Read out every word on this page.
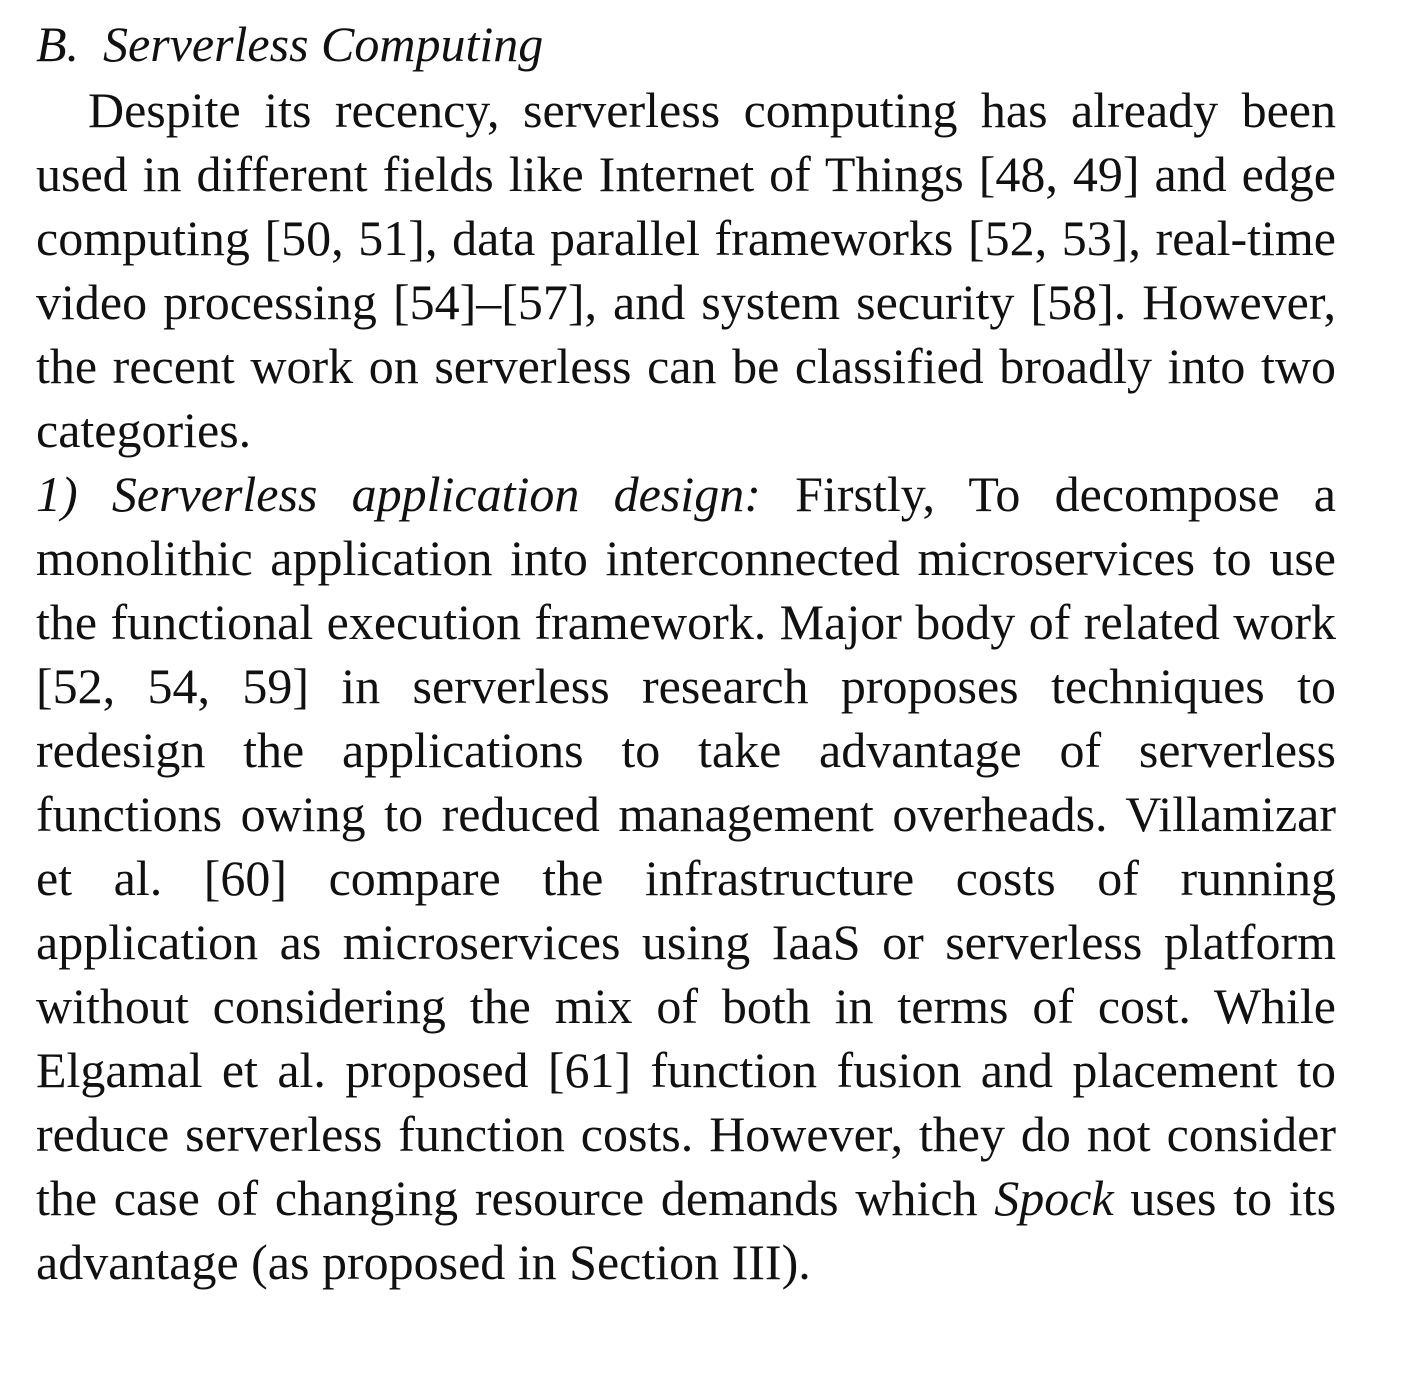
B. Serverless Computing

Despite its recency, serverless computing has already been used in different fields like Internet of Things [48, 49] and edge computing [50, 51], data parallel frameworks [52, 53], real-time video processing [54]–[57], and system security [58]. However, the recent work on serverless can be classified broadly into two categories.

1) Serverless application design: Firstly, To decompose a monolithic application into interconnected microservices to use the functional execution framework. Major body of related work [52, 54, 59] in serverless research proposes techniques to redesign the applications to take advantage of serverless functions owing to reduced management overheads. Villamizar et al. [60] compare the infrastructure costs of running application as microservices using IaaS or serverless platform without considering the mix of both in terms of cost. While Elgamal et al. proposed [61] function fusion and placement to reduce serverless function costs. However, they do not consider the case of changing resource demands which Spock uses to its advantage (as proposed in Section III).
